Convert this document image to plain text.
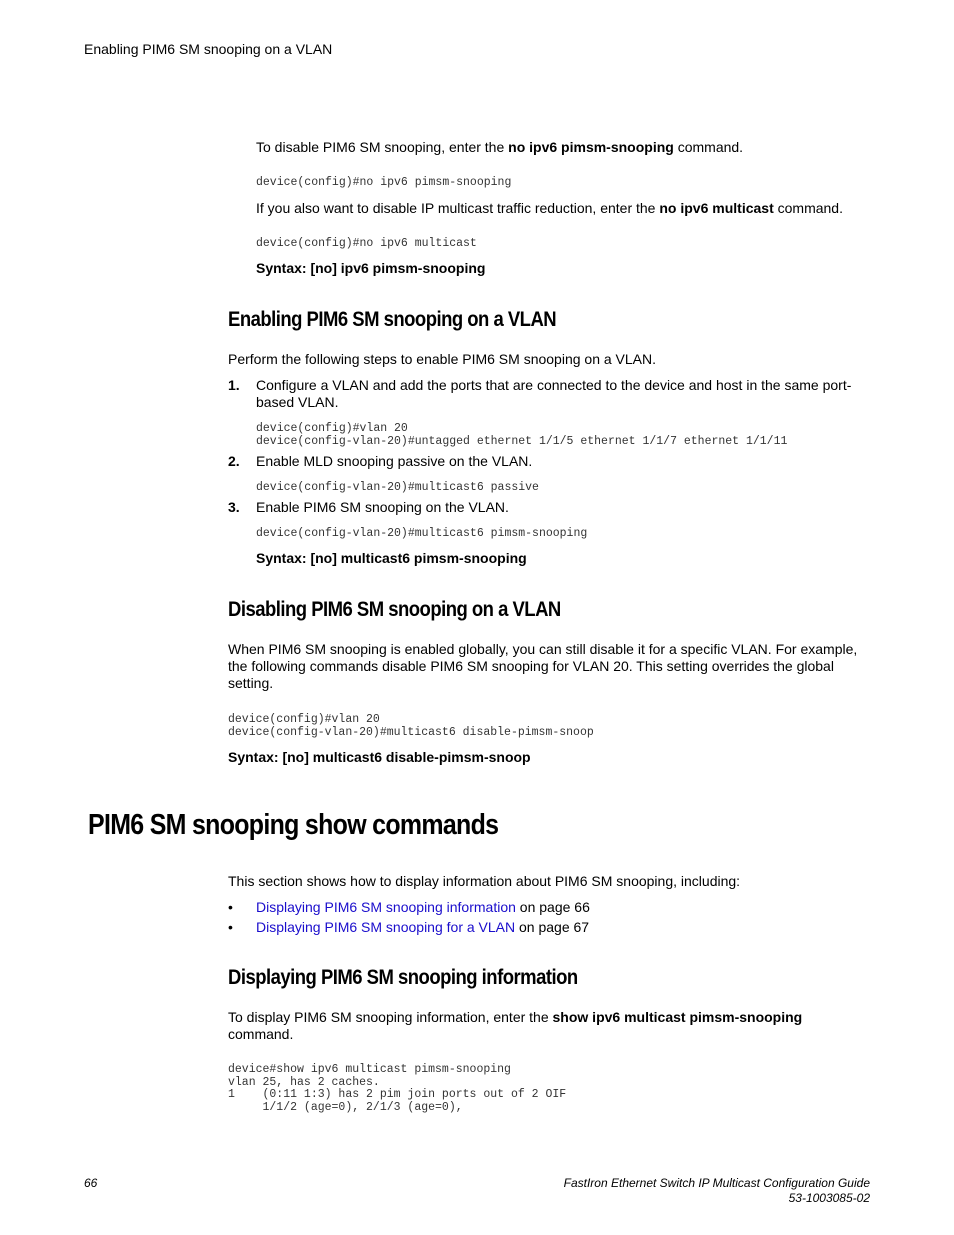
Enabling PIM6 SM snooping on a VLAN
To disable PIM6 SM snooping, enter the no ipv6 pimsm-snooping command.
device(config)#no ipv6 pimsm-snooping
If you also want to disable IP multicast traffic reduction, enter the no ipv6 multicast command.
device(config)#no ipv6 multicast
Syntax: [no] ipv6 pimsm-snooping
Enabling PIM6 SM snooping on a VLAN
Perform the following steps to enable PIM6 SM snooping on a VLAN.
1. Configure a VLAN and add the ports that are connected to the device and host in the same port-
based VLAN.
device(config)#vlan 20
device(config-vlan-20)#untagged ethernet 1/1/5 ethernet 1/1/7 ethernet 1/1/11
2. Enable MLD snooping passive on the VLAN.
device(config-vlan-20)#multicast6 passive
3. Enable PIM6 SM snooping on the VLAN.
device(config-vlan-20)#multicast6 pimsm-snooping
Syntax: [no] multicast6 pimsm-snooping
Disabling PIM6 SM snooping on a VLAN
When PIM6 SM snooping is enabled globally, you can still disable it for a specific VLAN. For example,
the following commands disable PIM6 SM snooping for VLAN 20. This setting overrides the global
setting.
device(config)#vlan 20
device(config-vlan-20)#multicast6 disable-pimsm-snoop
Syntax: [no] multicast6 disable-pimsm-snoop
PIM6 SM snooping show commands
This section shows how to display information about PIM6 SM snooping, including:
• Displaying PIM6 SM snooping information on page 66
• Displaying PIM6 SM snooping for a VLAN on page 67
Displaying PIM6 SM snooping information
To display PIM6 SM snooping information, enter the show ipv6 multicast pimsm-snooping
command.
device#show ipv6 multicast pimsm-snooping
vlan 25, has 2 caches.
1    (0:11 1:3) has 2 pim join ports out of 2 OIF
1/1/2 (age=0), 2/1/3 (age=0),
66	FastIron Ethernet Switch IP Multicast Configuration Guide
53-1003085-02
